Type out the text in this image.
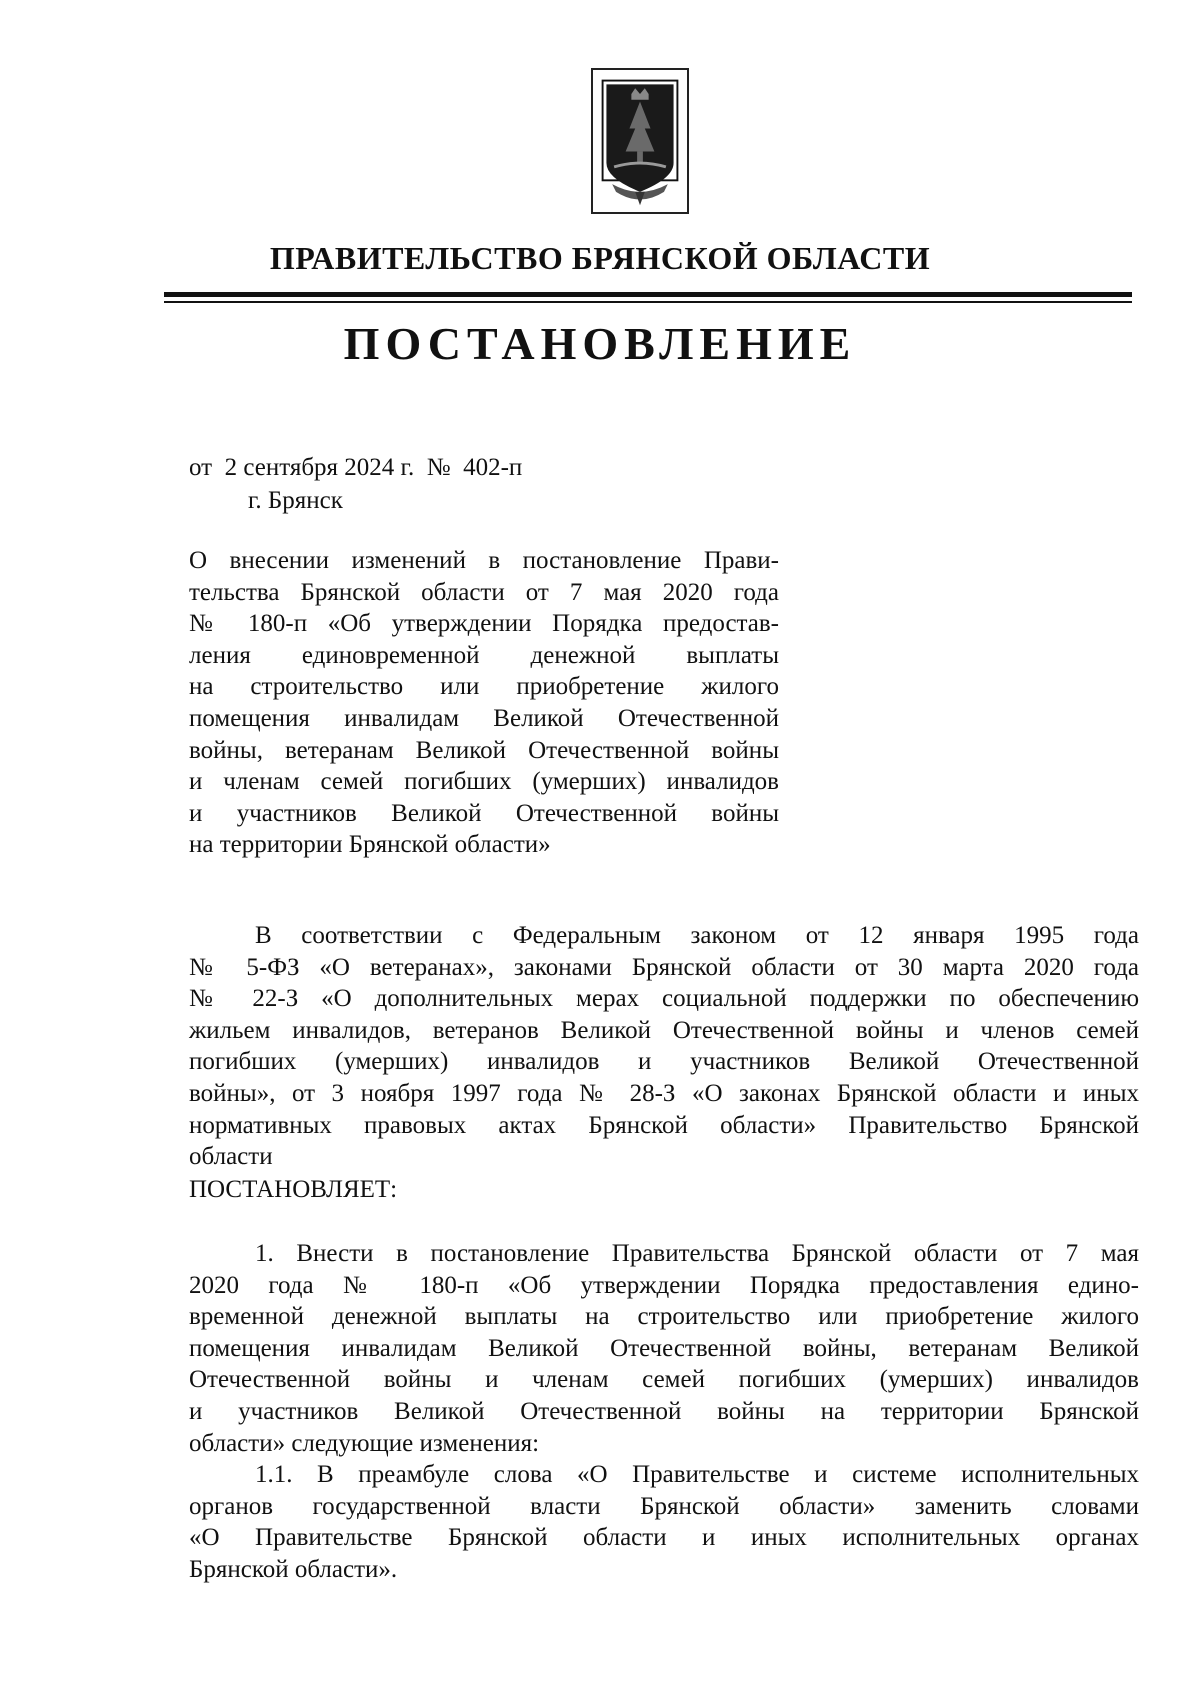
ПРАВИТЕЛЬСТВО БРЯНСКОЙ ОБЛАСТИ
ПОСТАНОВЛЕНИЕ
от  2 сентября 2024 г.  №  402-п
г. Брянск
О внесении изменений в постановление Прави-
тельства Брянской области от 7 мая 2020 года
№ 180-п «Об утверждении Порядка предостав-
ления единовременной денежной выплаты
на строительство или приобретение жилого
помещения инвалидам Великой Отечественной
войны, ветеранам Великой Отечественной войны
и членам семей погибших (умерших) инвалидов
и участников Великой Отечественной войны
на территории Брянской области»
В соответствии с Федеральным законом от 12 января 1995 года
№ 5-ФЗ «О ветеранах», законами Брянской области от 30 марта 2020 года
№ 22-З «О дополнительных мерах социальной поддержки по обеспечению
жильем инвалидов, ветеранов Великой Отечественной войны и членов семей
погибших (умерших) инвалидов и участников Великой Отечественной
войны», от 3 ноября 1997 года № 28-З «О законах Брянской области и иных
нормативных правовых актах Брянской области» Правительство Брянской
области
ПОСТАНОВЛЯЕТ:
1. Внести в постановление Правительства Брянской области от 7 мая
2020 года № 180-п «Об утверждении Порядка предоставления едино-
временной денежной выплаты на строительство или приобретение жилого
помещения инвалидам Великой Отечественной войны, ветеранам Великой
Отечественной войны и членам семей погибших (умерших) инвалидов
и участников Великой Отечественной войны на территории Брянской
области» следующие изменения:
1.1. В преамбуле слова «О Правительстве и системе исполнительных
органов государственной власти Брянской области» заменить словами
«О Правительстве Брянской области и иных исполнительных органах
Брянской области».
